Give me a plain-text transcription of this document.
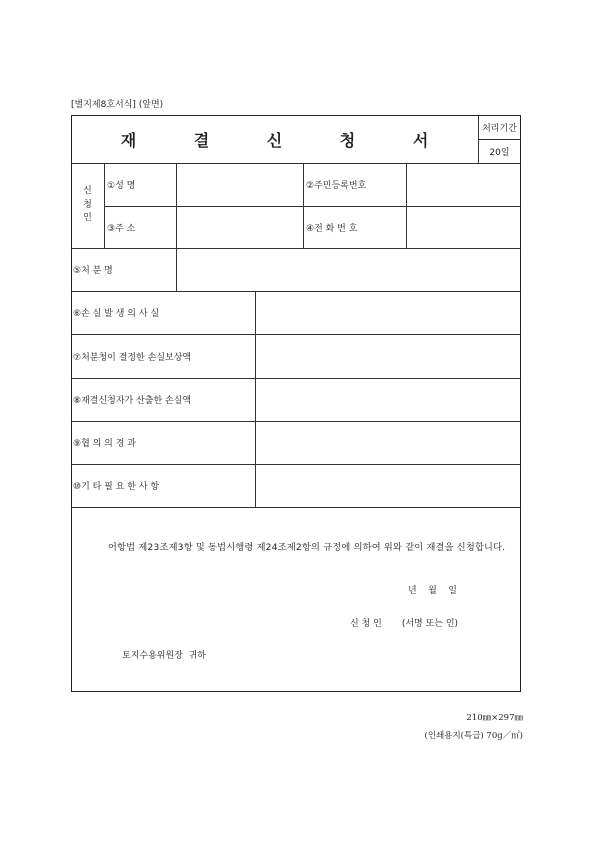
[별지제8호서식] (앞면)
재 결 신 청 서
처리기간
20일
신
청
인
①성 명	②주민등록번호
③주 소	④전 화 번 호
⑤처 분 명
⑥손 실 발 생 의 사 실
⑦처분청이 결정한 손실보상액
⑧재결신청자가 산출한 손실액
⑨협 의 의 경 과
⑩기 타 필 요 한 사 항
어항법 제23조제3항 및 동법시행령 제24조제2항의 규정에 의하여 위와 같이 재결을 신청합니다.
년    월    일
신 청 인       (서명 또는 인)
토지수용위원장  귀하
210㎜×297㎜
(인쇄용지(특급) 70g／㎡)
